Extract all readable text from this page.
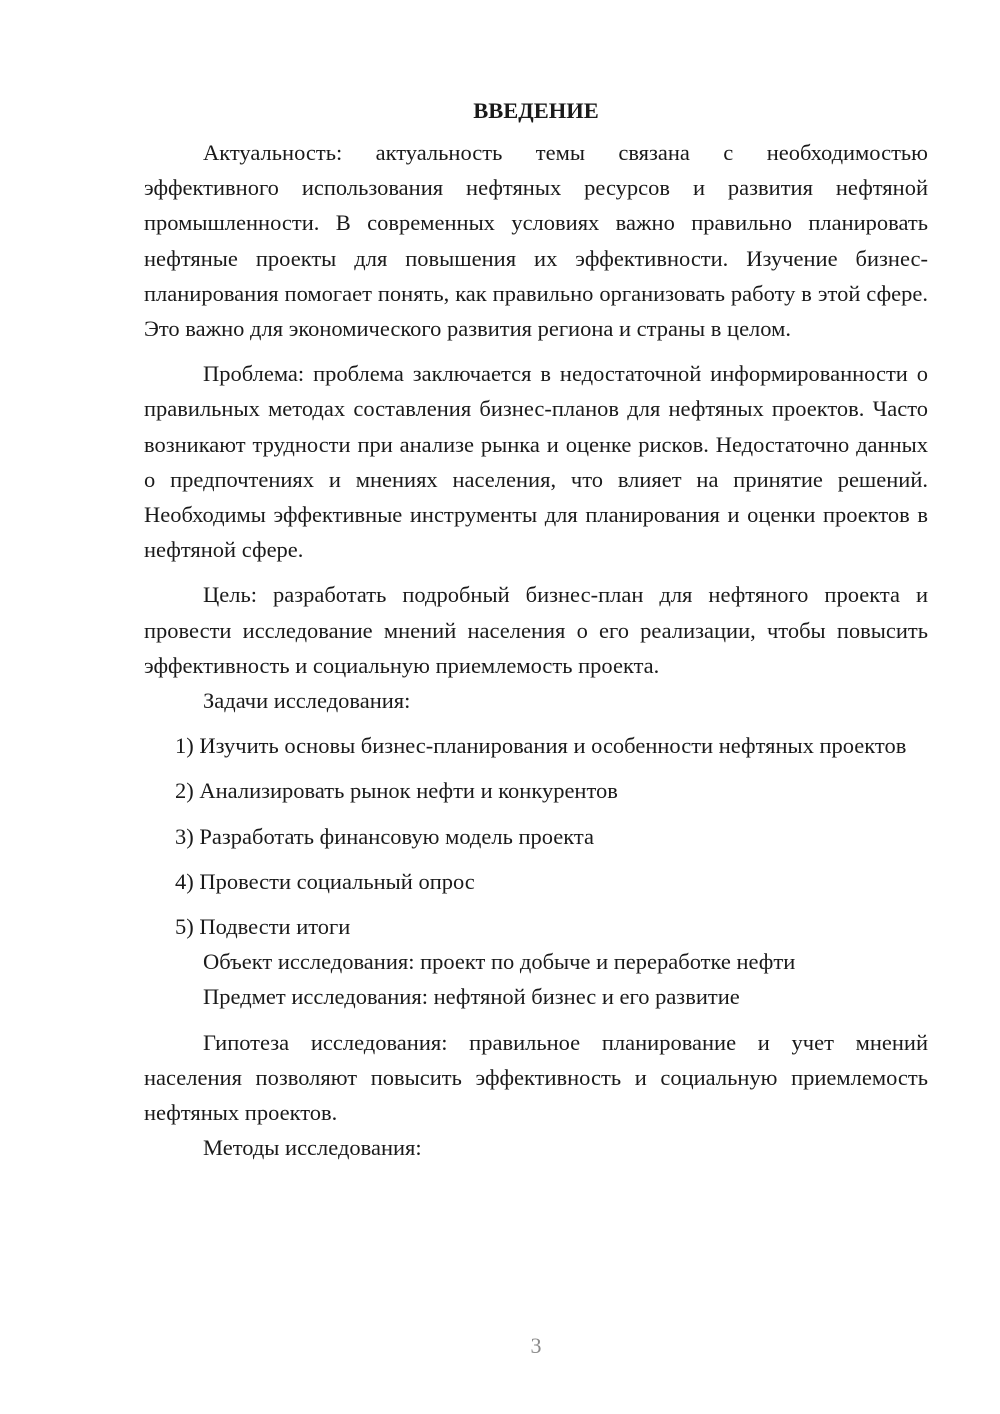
ВВЕДЕНИЕ

Актуальность: актуальность темы связана с необходимостью эффективного использования нефтяных ресурсов и развития нефтяной промышленности. В современных условиях важно правильно планировать нефтяные проекты для повышения их эффективности. Изучение бизнес-планирования помогает понять, как правильно организовать работу в этой сфере. Это важно для экономического развития региона и страны в целом.

Проблема: проблема заключается в недостаточной информированности о правильных методах составления бизнес-планов для нефтяных проектов. Часто возникают трудности при анализе рынка и оценке рисков. Недостаточно данных о предпочтениях и мнениях населения, что влияет на принятие решений. Необходимы эффективные инструменты для планирования и оценки проектов в нефтяной сфере.

Цель: разработать подробный бизнес-план для нефтяного проекта и провести исследование мнений населения о его реализации, чтобы повысить эффективность и социальную приемлемость проекта.

Задачи исследования:

1) Изучить основы бизнес-планирования и особенности нефтяных проектов

2) Анализировать рынок нефти и конкурентов

3) Разработать финансовую модель проекта

4) Провести социальный опрос

5) Подвести итоги

Объект исследования: проект по добыче и переработке нефти

Предмет исследования: нефтяной бизнес и его развитие

Гипотеза исследования: правильное планирование и учет мнений населения позволяют повысить эффективность и социальную приемлемость нефтяных проектов.

Методы исследования:

3
